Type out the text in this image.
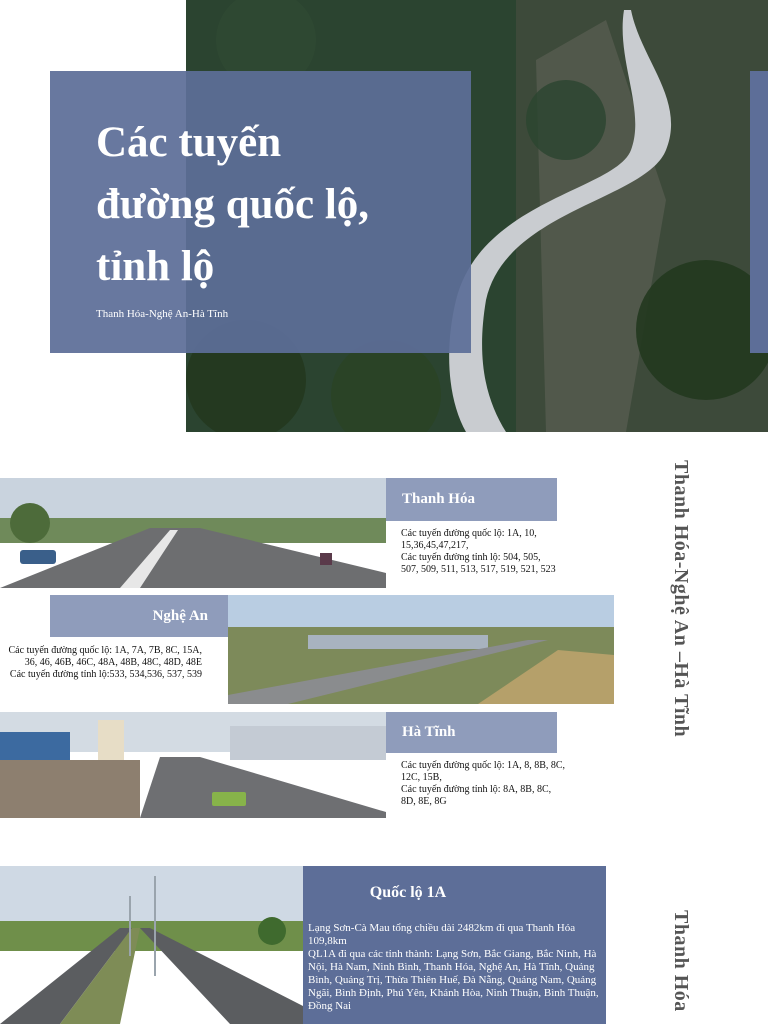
Các tuyến
đường quốc lộ,
tỉnh lộ
Thanh Hóa-Nghệ An-Hà Tĩnh
Thanh Hóa-Nghệ An –Hà Tĩnh
Thanh Hóa
Thanh Hóa
Các tuyến đường quốc lộ: 1A, 10, 15,36,45,47,217,
Các tuyến đường tỉnh lộ: 504, 505, 507, 509, 511, 513, 517, 519, 521, 523
Nghệ An
Các tuyến đường quốc lộ: 1A, 7A, 7B, 8C, 15A, 36, 46, 46B, 46C, 48A, 48B, 48C, 48D, 48E
Các tuyến đường tỉnh lộ:533, 534,536, 537, 539
Hà Tĩnh
Các tuyến đường quốc lộ: 1A, 8, 8B, 8C, 12C, 15B,
Các tuyến đường tỉnh lộ: 8A, 8B, 8C, 8D, 8E, 8G
Quốc lộ 1A
Lạng Sơn-Cà Mau tổng chiều dài 2482km đi qua Thanh Hóa 109,8km
QL1A đi qua các tỉnh thành: Lạng Sơn, Bắc Giang, Bắc Ninh, Hà Nội, Hà Nam, Ninh Bình, Thanh Hóa, Nghệ An, Hà Tĩnh, Quảng Bình, Quảng Trị, Thừa Thiên Huế, Đà Nẵng, Quảng Nam, Quảng Ngãi, Bình Định, Phú Yên, Khánh Hòa, Ninh Thuận, Bình Thuận, Đồng Nai
